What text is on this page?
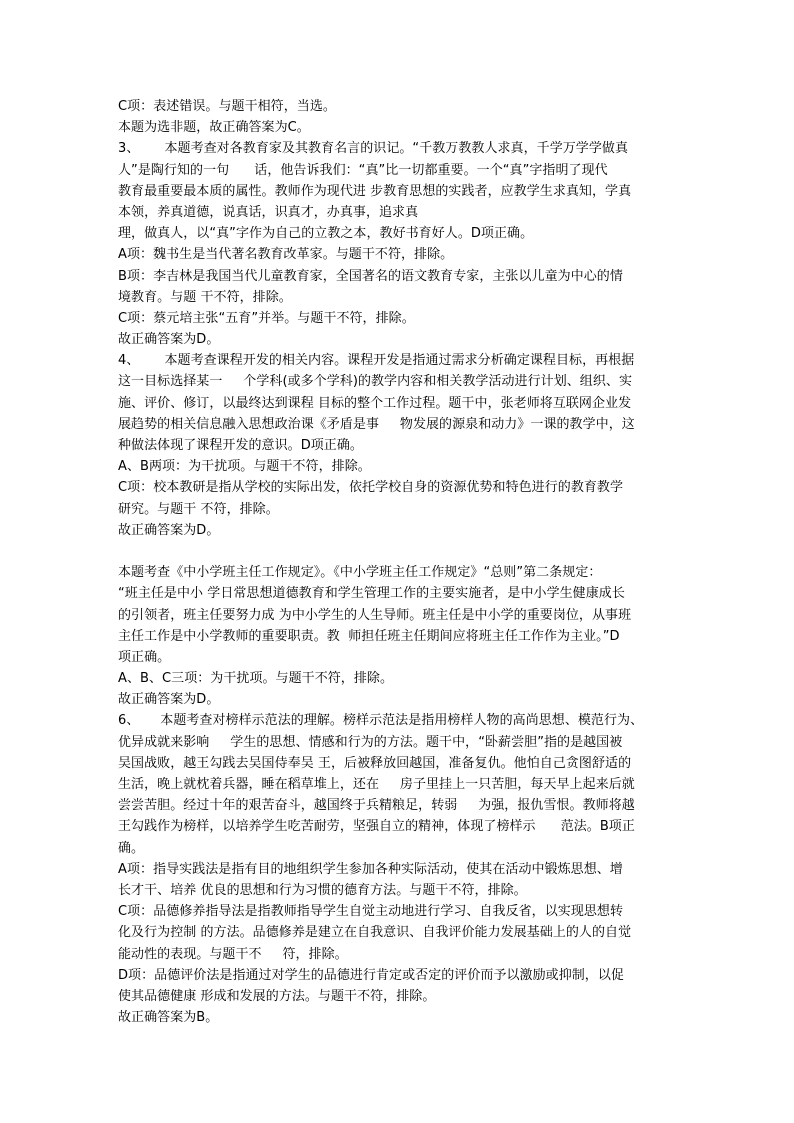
C项：表述错误。与题干相符，当选。
本题为选非题，故正确答案为C。
3、      本题考查对各教育家及其教育名言的识记。“千教万教教人求真，千学万学学做真
人”是陶行知的一句      话，他告诉我们：“真”比一切都重要。一个“真”字指明了现代
教育最重要最本质的属性。教师作为现代进 步教育思想的实践者，应教学生求真知，学真
本领，养真道德，说真话，识真才，办真事，追求真
理，做真人，以“真”字作为自己的立教之本，教好书育好人。D项正确。
A项：魏书生是当代著名教育改革家。与题干不符，排除。
B项：李吉林是我国当代儿童教育家，全国著名的语文教育专家，主张以儿童为中心的情
境教育。与题 干不符，排除。
C项：蔡元培主张“五育”并举。与题干不符，排除。
故正确答案为D。
4、      本题考查课程开发的相关内容。课程开发是指通过需求分析确定课程目标，再根据
这一目标选择某一     个学科(或多个学科)的教学内容和相关教学活动进行计划、组织、实
施、评价、修订，以最终达到课程 目标的整个工作过程。题干中，张老师将互联网企业发
展趋势的相关信息融入思想政治课《矛盾是事     物发展的源泉和动力》一课的教学中，这
种做法体现了课程开发的意识。D项正确。
A、B两项：为干扰项。与题干不符，排除。
C项：校本教研是指从学校的实际出发，依托学校自身的资源优势和特色进行的教育教学
研究。与题干 不符，排除。
故正确答案为D。
本题考查《中小学班主任工作规定》。《中小学班主任工作规定》“总则”第二条规定：
“班主任是中小 学日常思想道德教育和学生管理工作的主要实施者，是中小学生健康成长
的引领者，班主任要努力成 为中小学生的人生导师。班主任是中小学的重要岗位，从事班
主任工作是中小学教师的重要职责。教  师担任班主任期间应将班主任工作作为主业。”D
项正确。
A、B、C三项：为干扰项。与题干不符，排除。
故正确答案为D。
6、     本题考查对榜样示范法的理解。榜样示范法是指用榜样人物的高尚思想、模范行为、
优异成就来影响     学生的思想、情感和行为的方法。题干中，“卧薪尝胆”指的是越国被
吴国战败，越王勾践去吴国侍奉吴 王，后被释放回越国，准备复仇。他怕自己贪图舒适的
生活，晚上就枕着兵器，睡在稻草堆上，还在     房子里挂上一只苦胆，每天早上起来后就
尝尝苦胆。经过十年的艰苦奋斗，越国终于兵精粮足，转弱     为强，报仇雪恨。教师将越
王勾践作为榜样，以培养学生吃苦耐劳，坚强自立的精神，体现了榜样示      范法。B项正
确。
A项：指导实践法是指有目的地组织学生参加各种实际活动，使其在活动中锻炼思想、增
长才干、培养 优良的思想和行为习惯的德育方法。与题干不符，排除。
C项：品德修养指导法是指教师指导学生自觉主动地进行学习、自我反省，以实现思想转
化及行为控制 的方法。品德修养是建立在自我意识、自我评价能力发展基础上的人的自觉
能动性的表现。与题干不     符，排除。
D项：品德评价法是指通过对学生的品德进行肯定或否定的评价而予以激励或抑制，以促
使其品德健康 形成和发展的方法。与题干不符，排除。
故正确答案为B。
